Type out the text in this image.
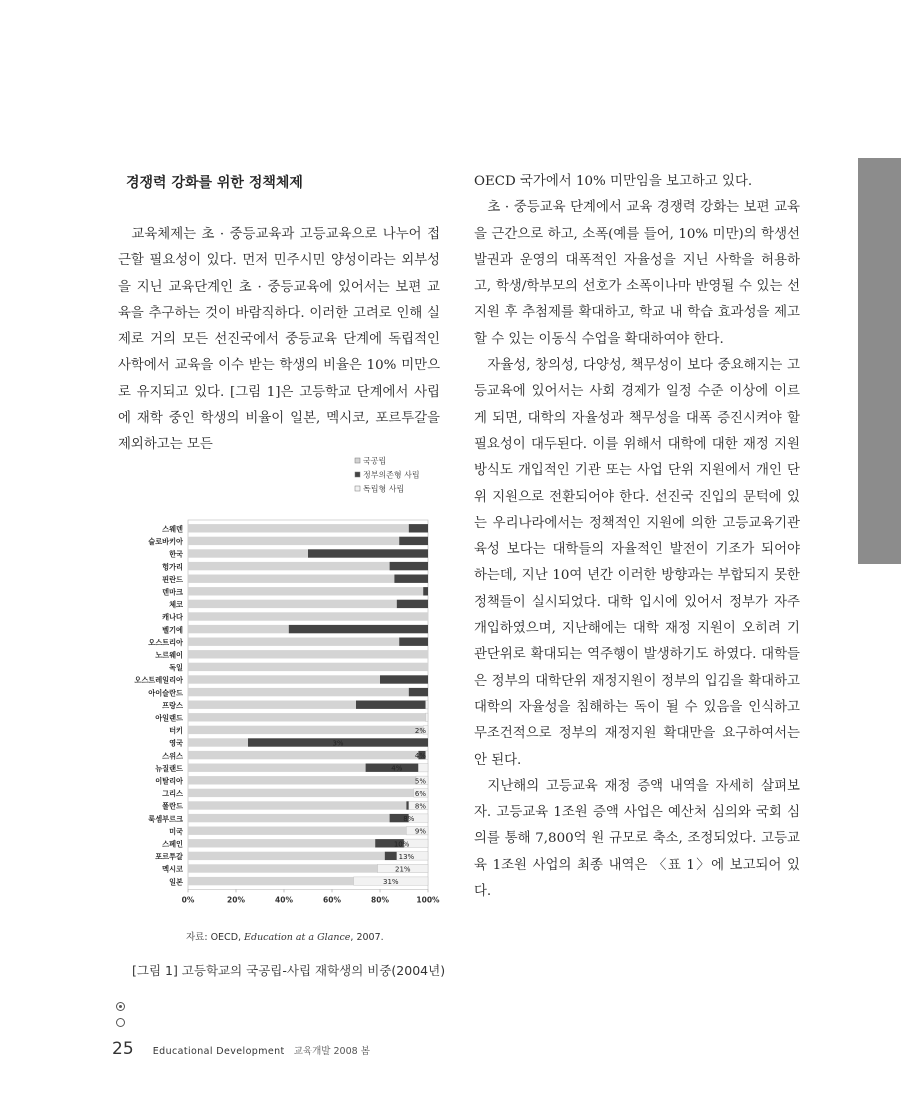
경쟁력 강화를 위한 정책체제

교육체제는 초 · 중등교육과 고등교육으로 나누어 접근할 필요성이 있다. 먼저 민주시민 양성이라는 외부성을 지닌 교육단계인 초 · 중등교육에 있어서는 보편 교육을 추구하는 것이 바람직하다. 이러한 고려로 인해 실제로 거의 모든 선진국에서 중등교육 단계에 독립적인 사학에서 교육을 이수 받는 학생의 비율은 10% 미만으로 유지되고 있다. [그림 1]은 고등학교 단계에서 사립에 재학 중인 학생의 비율이 일본, 멕시코, 포르투갈을 제외하고는 모든

OECD 국가에서 10% 미만임을 보고하고 있다.

초 · 중등교육 단계에서 교육 경쟁력 강화는 보편 교육을 근간으로 하고, 소폭(예를 들어, 10% 미만)의 학생선발권과 운영의 대폭적인 자율성을 지닌 사학을 허용하고, 학생/학부모의 선호가 소폭이나마 반영될 수 있는 선지원 후 추첨제를 확대하고, 학교 내 학습 효과성을 제고할 수 있는 이동식 수업을 확대하여야 한다.

자율성, 창의성, 다양성, 책무성이 보다 중요해지는 고등교육에 있어서는 사회 경제가 일정 수준 이상에 이르게 되면, 대학의 자율성과 책무성을 대폭 증진시켜야 할 필요성이 대두된다. 이를 위해서 대학에 대한 재정 지원 방식도 개입적인 기관 또는 사업 단위 지원에서 개인 단위 지원으로 전환되어야 한다. 선진국 진입의 문턱에 있는 우리나라에서는 정책적인 지원에 의한 고등교육기관 육성 보다는 대학들의 자율적인 발전이 기조가 되어야 하는데, 지난 10여 년간 이러한 방향과는 부합되지 못한 정책들이 실시되었다. 대학 입시에 있어서 정부가 자주 개입하였으며, 지난해에는 대학 재정 지원이 오히려 기관단위로 확대되는 역주행이 발생하기도 하였다. 대학들은 정부의 대학단위 재정지원이 정부의 입김을 확대하고 대학의 자율성을 침해하는 독이 될 수 있음을 인식하고 무조건적으로 정부의 재정지원 확대만을 요구하여서는 안 된다.

지난해의 고등교육 재정 증액 내역을 자세히 살펴보자. 고등교육 1조원 증액 사업은 예산처 심의와 국회 심의를 통해 7,800억 원 규모로 축소, 조정되었다. 고등교육 1조원 사업의 최종 내역은 〈표 1〉에 보고되어 있다.

국공립
정부의존형 사립
독립형 사립
스웨덴
슬로바키아
한국
헝가리
핀란드
덴마크
체코
캐나다
벨기에
오스트리아
노르웨이
독일
오스트레일리아
아이슬란드
프랑스
아일랜드
터키	2%
영국	3%
스위스	4%
뉴질랜드	4%
이탈리아	5%
그리스	6%
폴란드	8%
룩셈부르크	8%
미국	9%
스페인	10%
포르투갈	13%
멕시코	21%
일본	31%
0%	20%	40%	60%	80%	100%
자료: OECD, Education at a Glance, 2007.
[그림 1] 고등학교의 국공립-사립 재학생의 비중(2004년)
25 Educational Development 교육개발 2008 봄
